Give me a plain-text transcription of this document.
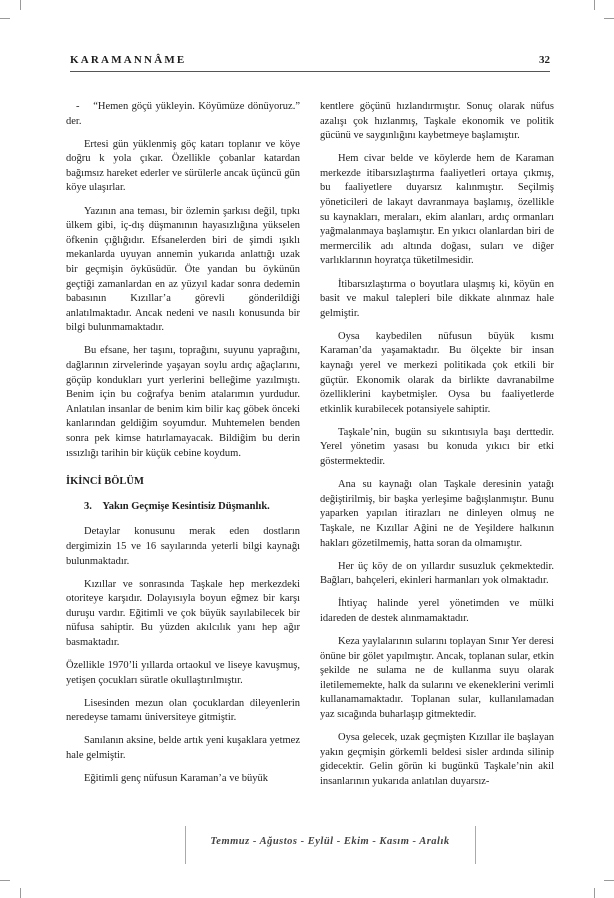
KARAMANNÂME	32

-    “Hemen göçü yükleyin. Köyümüze dönüyoruz.” der.

Ertesi gün yüklenmiş göç katarı toplanır ve köye doğru k yola çıkar. Özellikle çobanlar katardan bağımsız hareket ederler ve sürülerle ancak üçüncü gün köye ulaşırlar.

Yazının ana teması, bir özlemin şarkısı değil, tıpkı ülkem gibi, iç-dış düşmanının hayasızlığına yükselen öfkenin çığlığıdır. Efsanelerden biri de şimdi ışıklı mekanlarda uyuyan annemin yukarıda anlattığı uzak bir geçmişin öyküsüdür. Öte yandan bu öykünün geçtiği zamanlardan en az yüzyıl kadar sonra dedemin babasının Kızıllar’a görevli gönderildiği anlatılmaktadır. Ancak nedeni ve nasılı konusunda bir bilgi bulunmamaktadır.

Bu efsane, her taşını, toprağını, suyunu yaprağını, dağlarının zirvelerinde yaşayan soylu ardıç ağaçlarını, göçüp kondukları yurt yerlerini belleğime yazılmıştı. Benim için bu coğrafya benim atalarımın yurdudur. Anlatılan insanlar de benim kim bilir kaç göbek önceki kanlarından geldiğim soyumdur. Muhtemelen benden sonra pek kimse hatırlamayacak. Bildiğim bu derin ıssızlığı tarihin bir küçük cebine koydum.

İKİNCİ BÖLÜM
3.    Yakın Geçmişe Kesintisiz Düşmanlık.

Detaylar konusunu merak eden dostların dergimizin 15 ve 16 sayılarında yeterli bilgi kaynağı bulunmaktadır.

Kızıllar ve sonrasında Taşkale hep merkezdeki otoriteye karşıdır. Dolayısıyla boyun eğmez bir karşı duruşu vardır. Eğitimli ve çok büyük sayılabilecek bir nüfusa sahiptir. Bu yüzden akılcılık yanı hep ağır basmaktadır.

Özellikle 1970’li yıllarda ortaokul ve liseye kavuşmuş, yetişen çocukları süratle okullaştırılmıştır.

Lisesinden mezun olan çocuklardan dileyenlerin neredeyse tamamı üniversiteye gitmiştir.

Sanılanın aksine, belde artık yeni kuşaklara yetmez hale gelmiştir.

Eğitimli genç nüfusun Karaman’a ve büyük

kentlere göçünü hızlandırmıştır. Sonuç olarak nüfus azalışı çok hızlanmış, Taşkale ekonomik ve politik gücünü ve saygınlığını kaybetmeye başlamıştır.

Hem civar belde ve köylerde hem de Karaman merkezde itibarsızlaştırma faaliyetleri ortaya çıkmış, bu faaliyetlere duyarsız kalınmıştır. Seçilmiş yöneticileri de lakayt davranmaya başlamış, özellikle su kaynakları, meraları, ekim alanları, ardıç ormanları yağmalanmaya başlamıştır. En yıkıcı olanlardan biri de mermercilik adı altında doğası, suları ve diğer varlıklarının hoyratça tüketilmesidir.

İtibarsızlaştırma o boyutlara ulaşmış ki, köyün en basit ve makul talepleri bile dikkate alınmaz hale gelmiştir.

Oysa kaybedilen nüfusun büyük kısmı Karaman’da yaşamaktadır. Bu ölçekte bir insan kaynağı yerel ve merkezi politikada çok etkili bir güçtür. Ekonomik olarak da birlikte davranabilme özelliklerini kaybetmişler. Oysa bu faaliyetlerde etkinlik kurabilecek potansiyele sahiptir.

Taşkale’nin, bugün su sıkıntısıyla başı derttedir. Yerel yönetim yasası bu konuda yıkıcı bir etki göstermektedir.

Ana su kaynağı olan Taşkale deresinin yatağı değiştirilmiş, bir başka yerleşime bağışlanmıştır. Bunu yaparken yapılan itirazları ne dinleyen olmuş ne Taşkale, ne Kızıllar Ağini ne de Yeşildere halkının hakları gözetilmemiş, hatta soran da olmamıştır.

Her üç köy de on yıllardır susuzluk çekmektedir. Bağları, bahçeleri, ekinleri harmanları yok olmaktadır.

İhtiyaç halinde yerel yönetimden ve mülki idareden de destek alınmamaktadır.

Keza yaylalarının sularını toplayan Sınır Yer deresi önüne bir gölet yapılmıştır. Ancak, toplanan sular, etkin şekilde ne sulama ne de kullanma suyu olarak iletilememekte, halk da sularını ve ekeneklerini verimli kullanamamaktadır. Toplanan sular, kullanılamadan yaz sıcağında buharlaşıp gitmektedir.

Oysa gelecek, uzak geçmişten Kızıllar ile başlayan yakın geçmişin görkemli beldesi sisler ardında silinip gidecektir. Gelin görün ki bugünkü Taşkale’nin akil insanlarının yukarıda anlatılan duyarsız-

Temmuz - Ağustos - Eylül - Ekim - Kasım - Aralık
